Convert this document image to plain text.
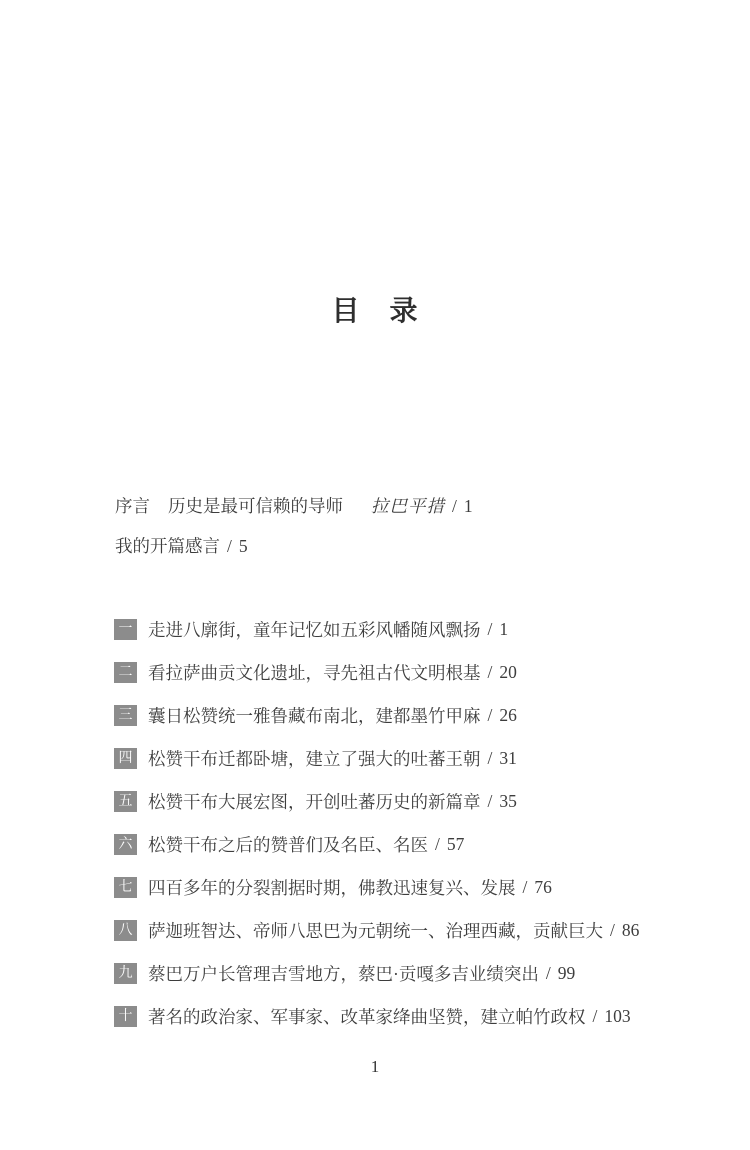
目　录
序言 历史是最可信赖的导师 拉巴平措 / 1
我的开篇感言 / 5
一 走进八廓街，童年记忆如五彩风幡随风飘扬 / 1
二 看拉萨曲贡文化遗址，寻先祖古代文明根基 / 20
三 囊日松赞统一雅鲁藏布南北，建都墨竹甲麻 / 26
四 松赞干布迁都卧塘，建立了强大的吐蕃王朝 / 31
五 松赞干布大展宏图，开创吐蕃历史的新篇章 / 35
六 松赞干布之后的赞普们及名臣、名医 / 57
七 四百多年的分裂割据时期，佛教迅速复兴、发展 / 76
八 萨迦班智达、帝师八思巴为元朝统一、治理西藏，贡献巨大 / 86
九 蔡巴万户长管理吉雪地方，蔡巴·贡嘎多吉业绩突出 / 99
十 著名的政治家、军事家、改革家绛曲坚赞，建立帕竹政权 / 103
1
